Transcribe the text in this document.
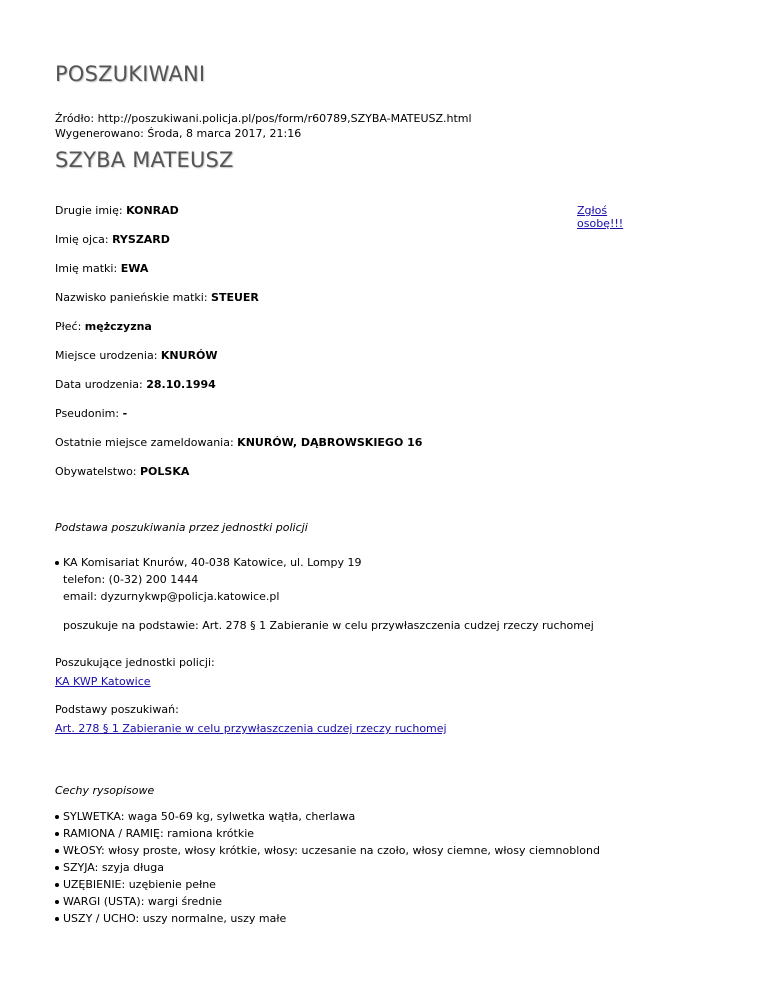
POSZUKIWANI
Źródło: http://poszukiwani.policja.pl/pos/form/r60789,SZYBA-MATEUSZ.html
Wygenerowano: Środa, 8 marca 2017, 21:16
SZYBA MATEUSZ
Zgłoś osobę!!!
Drugie imię: KONRAD
Imię ojca: RYSZARD
Imię matki: EWA
Nazwisko panieńskie matki: STEUER
Płeć: mężczyzna
Miejsce urodzenia: KNURÓW
Data urodzenia: 28.10.1994
Pseudonim: -
Ostatnie miejsce zameldowania: KNURÓW, DĄBROWSKIEGO 16
Obywatelstwo: POLSKA
Podstawa poszukiwania przez jednostki policji
KA Komisariat Knurów, 40-038 Katowice, ul. Lompy 19
telefon: (0-32) 200 1444
email: dyzurnykwp@policja.katowice.pl
poszukuje na podstawie: Art. 278 § 1 Zabieranie w celu przywłaszczenia cudzej rzeczy ruchomej
Poszukujące jednostki policji:
KA KWP Katowice
Podstawy poszukiwań:
Art. 278 § 1 Zabieranie w celu przywłaszczenia cudzej rzeczy ruchomej
Cechy rysopisowe
SYLWETKA: waga 50-69 kg, sylwetka wątła, cherlawa
RAMIONA / RAMIĘ: ramiona krótkie
WŁOSY: włosy proste, włosy krótkie, włosy: uczesanie na czoło, włosy ciemne, włosy ciemnoblond
SZYJA: szyja długa
UZĘBIENIE: uzębienie pełne
WARGI (USTA): wargi średnie
USZY / UCHO: uszy normalne, uszy małe
